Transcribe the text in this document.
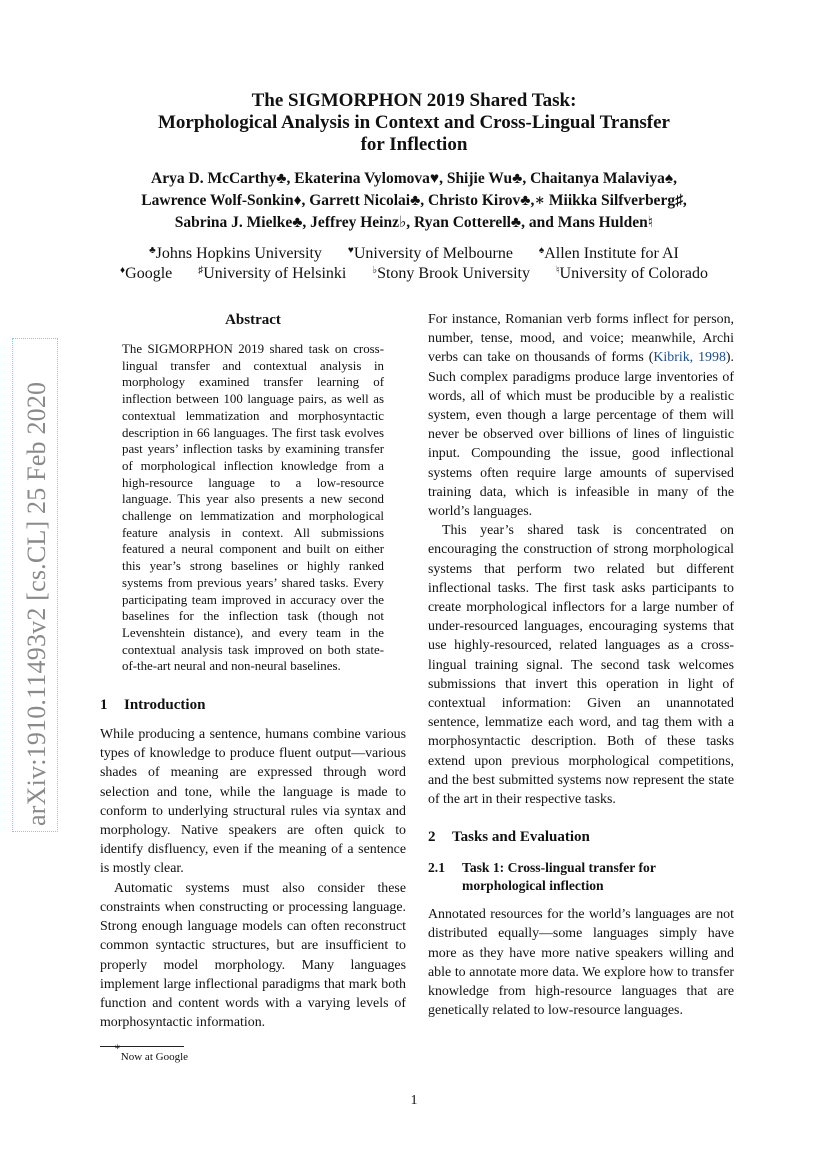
arXiv:1910.11493v2 [cs.CL] 25 Feb 2020
The SIGMORPHON 2019 Shared Task:
Morphological Analysis in Context and Cross-Lingual Transfer
for Inflection
Arya D. McCarthy♣, Ekaterina Vylomova♥, Shijie Wu♣, Chaitanya Malaviya♠,
Lawrence Wolf-Sonkin♦, Garrett Nicolai♣, Christo Kirov♣,∗ Miikka Silfverberg♯,
Sabrina J. Mielke♣, Jeffrey Heinz♭, Ryan Cotterell♣, and Mans Hulden♮
♣Johns Hopkins University	♥University of Melbourne	♠Allen Institute for AI
♦Google	♯University of Helsinki	♭Stony Brook University	♮University of Colorado
Abstract
The SIGMORPHON 2019 shared task on cross-lingual transfer and contextual analysis in morphology examined transfer learning of inflection between 100 language pairs, as well as contextual lemmatization and morphosyntactic description in 66 languages. The first task evolves past years’ inflection tasks by examining transfer of morphological inflection knowledge from a high-resource language to a low-resource language. This year also presents a new second challenge on lemmatization and morphological feature analysis in context. All submissions featured a neural component and built on either this year’s strong baselines or highly ranked systems from previous years’ shared tasks. Every participating team improved in accuracy over the baselines for the inflection task (though not Levenshtein distance), and every team in the contextual analysis task improved on both state-of-the-art neural and non-neural baselines.
1	Introduction

While producing a sentence, humans combine various types of knowledge to produce fluent output—various shades of meaning are expressed through word selection and tone, while the language is made to conform to underlying structural rules via syntax and morphology. Native speakers are often quick to identify disfluency, even if the meaning of a sentence is mostly clear.

Automatic systems must also consider these constraints when constructing or processing language. Strong enough language models can often reconstruct common syntactic structures, but are insufficient to properly model morphology. Many languages implement large inflectional paradigms that mark both function and content words with a varying levels of morphosyntactic information.

For instance, Romanian verb forms inflect for person, number, tense, mood, and voice; meanwhile, Archi verbs can take on thousands of forms (Kibrik, 1998). Such complex paradigms produce large inventories of words, all of which must be producible by a realistic system, even though a large percentage of them will never be observed over billions of lines of linguistic input. Compounding the issue, good inflectional systems often require large amounts of supervised training data, which is infeasible in many of the world’s languages.

This year’s shared task is concentrated on encouraging the construction of strong morphological systems that perform two related but different inflectional tasks. The first task asks participants to create morphological inflectors for a large number of under-resourced languages, encouraging systems that use highly-resourced, related languages as a cross-lingual training signal. The second task welcomes submissions that invert this operation in light of contextual information: Given an unannotated sentence, lemmatize each word, and tag them with a morphosyntactic description. Both of these tasks extend upon previous morphological competitions, and the best submitted systems now represent the state of the art in their respective tasks.

2	Tasks and Evaluation
2.1	Task 1: Cross-lingual transfer for
morphological inflection

Annotated resources for the world’s languages are not distributed equally—some languages simply have more as they have more native speakers willing and able to annotate more data. We explore how to transfer knowledge from high-resource languages that are genetically related to low-resource languages.

∗Now at Google
1
